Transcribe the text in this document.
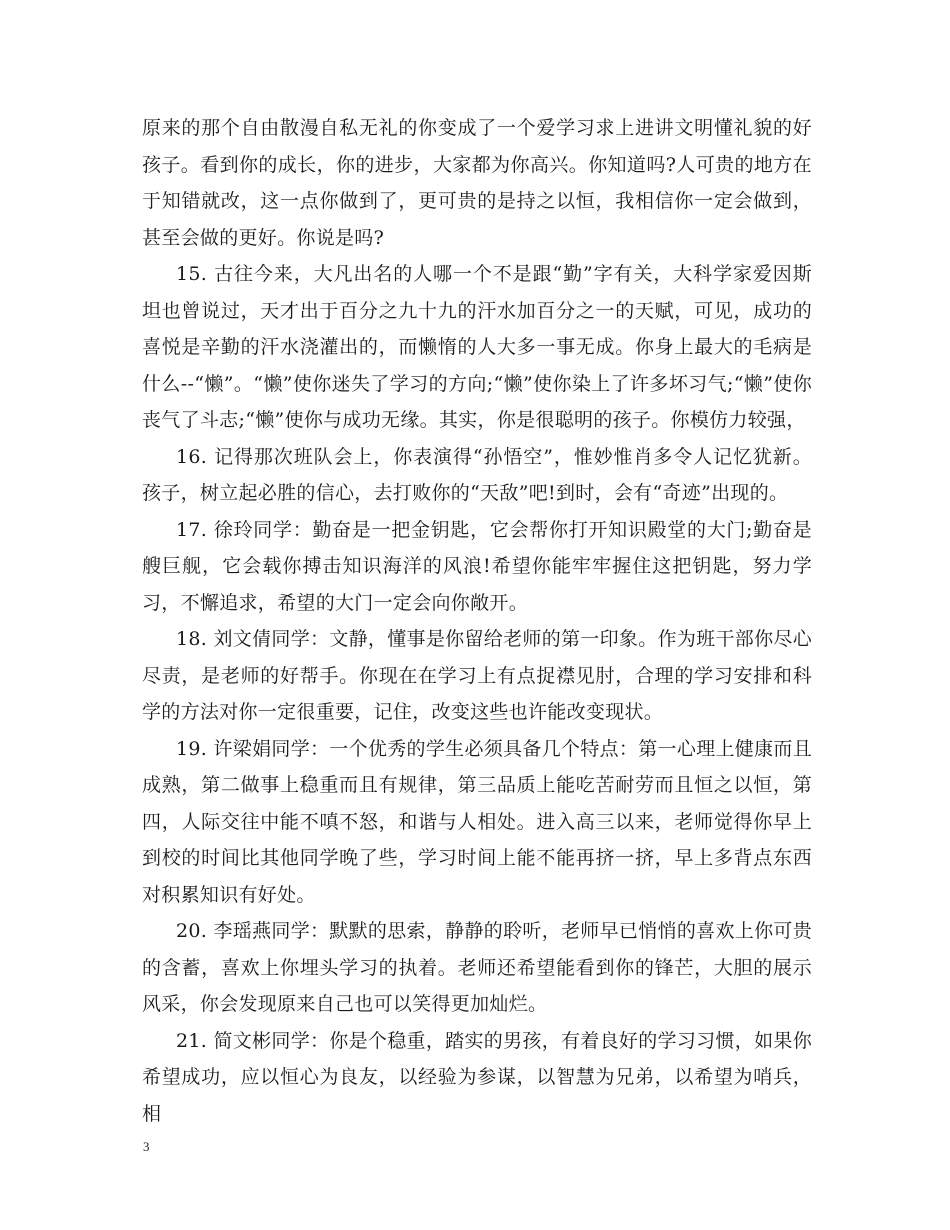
原来的那个自由散漫自私无礼的你变成了一个爱学习求上进讲文明懂礼貌的好孩子。看到你的成长，你的进步，大家都为你高兴。你知道吗?人可贵的地方在于知错就改，这一点你做到了，更可贵的是持之以恒，我相信你一定会做到，甚至会做的更好。你说是吗?

15. 古往今来，大凡出名的人哪一个不是跟“勤”字有关，大科学家爱因斯坦也曾说过，天才出于百分之九十九的汗水加百分之一的天赋，可见，成功的喜悦是辛勤的汗水浇灌出的，而懒惰的人大多一事无成。你身上最大的毛病是什么--“懒”。“懒”使你迷失了学习的方向;“懒”使你染上了许多坏习气;“懒”使你丧气了斗志;“懒”使你与成功无缘。其实，你是很聪明的孩子。你模仿力较强，

16. 记得那次班队会上，你表演得“孙悟空”，惟妙惟肖多令人记忆犹新。孩子，树立起必胜的信心，去打败你的“天敌”吧!到时，会有“奇迹”出现的。

17. 徐玲同学：勤奋是一把金钥匙，它会帮你打开知识殿堂的大门;勤奋是艘巨舰，它会载你搏击知识海洋的风浪!希望你能牢牢握住这把钥匙，努力学习，不懈追求，希望的大门一定会向你敞开。

18. 刘文倩同学：文静，懂事是你留给老师的第一印象。作为班干部你尽心尽责，是老师的好帮手。你现在在学习上有点捉襟见肘，合理的学习安排和科学的方法对你一定很重要，记住，改变这些也许能改变现状。

19. 许梁娟同学：一个优秀的学生必须具备几个特点：第一心理上健康而且成熟，第二做事上稳重而且有规律，第三品质上能吃苦耐劳而且恒之以恒，第四，人际交往中能不嗔不怒，和谐与人相处。进入高三以来，老师觉得你早上到校的时间比其他同学晚了些，学习时间上能不能再挤一挤，早上多背点东西对积累知识有好处。

20. 李瑶燕同学：默默的思索，静静的聆听，老师早已悄悄的喜欢上你可贵的含蓄，喜欢上你埋头学习的执着。老师还希望能看到你的锋芒，大胆的展示风采，你会发现原来自己也可以笑得更加灿烂。

21. 简文彬同学：你是个稳重，踏实的男孩，有着良好的学习习惯，如果你希望成功，应以恒心为良友，以经验为参谋，以智慧为兄弟，以希望为哨兵，相

3
